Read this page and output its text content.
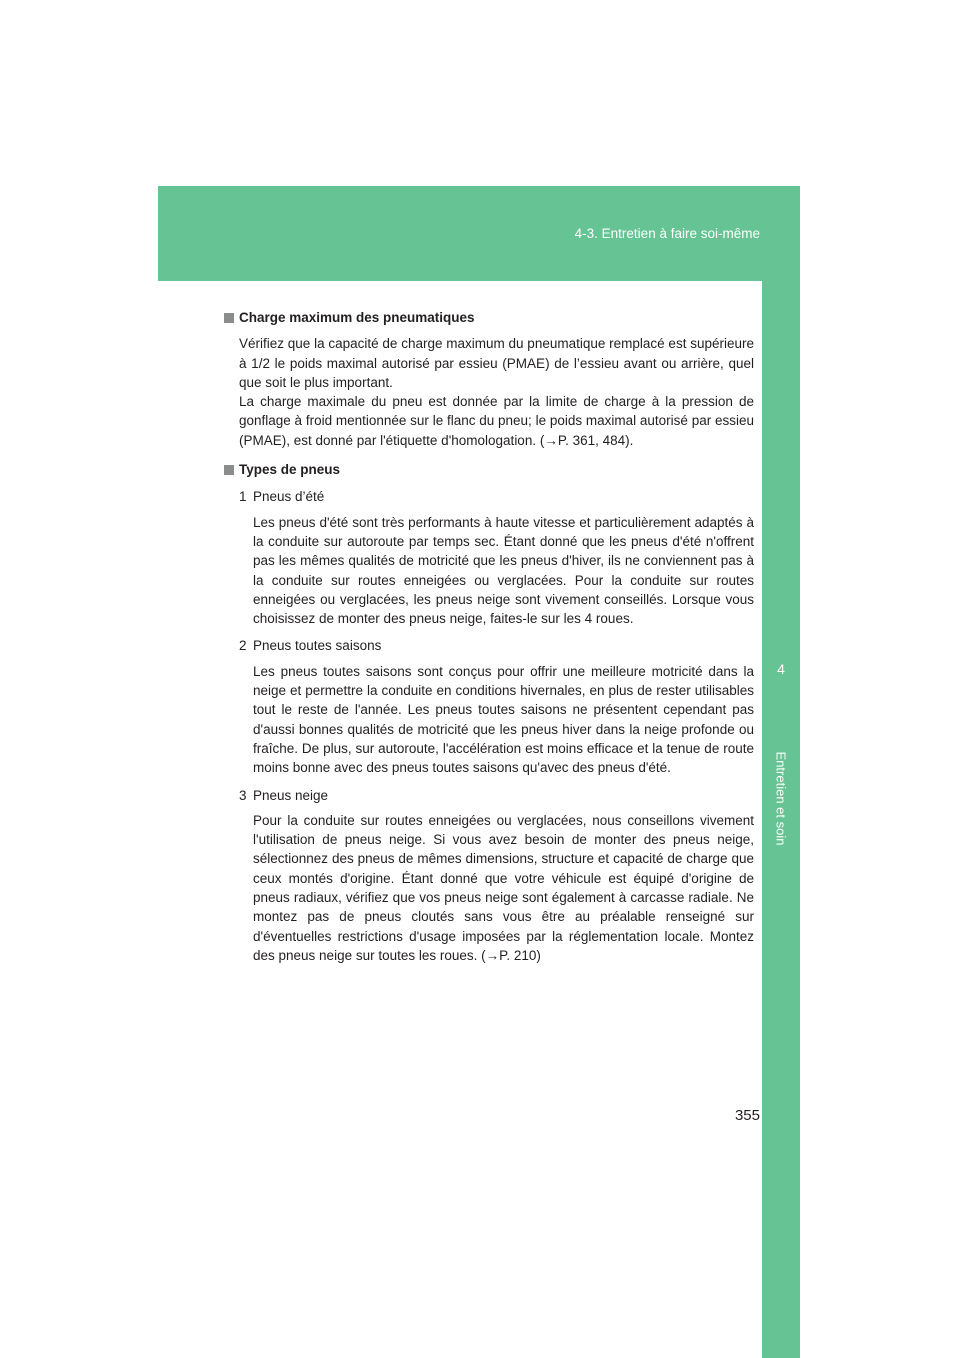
4-3. Entretien à faire soi-même
4
Entretien et soin
Charge maximum des pneumatiques

Vérifiez que la capacité de charge maximum du pneumatique remplacé est supérieure à 1/2 le poids maximal autorisé par essieu (PMAE) de l’essieu avant ou arrière, quel que soit le plus important.

La charge maximale du pneu est donnée par la limite de charge à la pression de gonflage à froid mentionnée sur le flanc du pneu; le poids maximal autorisé par essieu (PMAE), est donné par l'étiquette d'homologation. (→P. 361, 484).

Types de pneus
1 Pneus d’été

Les pneus d'été sont très performants à haute vitesse et particulièrement adaptés à la conduite sur autoroute par temps sec. Étant donné que les pneus d'été n'offrent pas les mêmes qualités de motricité que les pneus d'hiver, ils ne conviennent pas à la conduite sur routes enneigées ou verglacées. Pour la conduite sur routes enneigées ou verglacées, les pneus neige sont vivement conseillés. Lorsque vous choisissez de monter des pneus neige, faites-le sur les 4 roues.

2 Pneus toutes saisons

Les pneus toutes saisons sont conçus pour offrir une meilleure motricité dans la neige et permettre la conduite en conditions hivernales, en plus de rester utilisables tout le reste de l'année. Les pneus toutes saisons ne présentent cependant pas d'aussi bonnes qualités de motricité que les pneus hiver dans la neige profonde ou fraîche. De plus, sur autoroute, l'accélération est moins efficace et la tenue de route moins bonne avec des pneus toutes saisons qu'avec des pneus d'été.

3 Pneus neige

Pour la conduite sur routes enneigées ou verglacées, nous conseillons vivement l'utilisation de pneus neige. Si vous avez besoin de monter des pneus neige, sélectionnez des pneus de mêmes dimensions, structure et capacité de charge que ceux montés d'origine. Étant donné que votre véhicule est équipé d'origine de pneus radiaux, vérifiez que vos pneus neige sont également à carcasse radiale. Ne montez pas de pneus cloutés sans vous être au préalable renseigné sur d'éventuelles restrictions d'usage imposées par la réglementation locale. Montez des pneus neige sur toutes les roues. (→P. 210)

355
